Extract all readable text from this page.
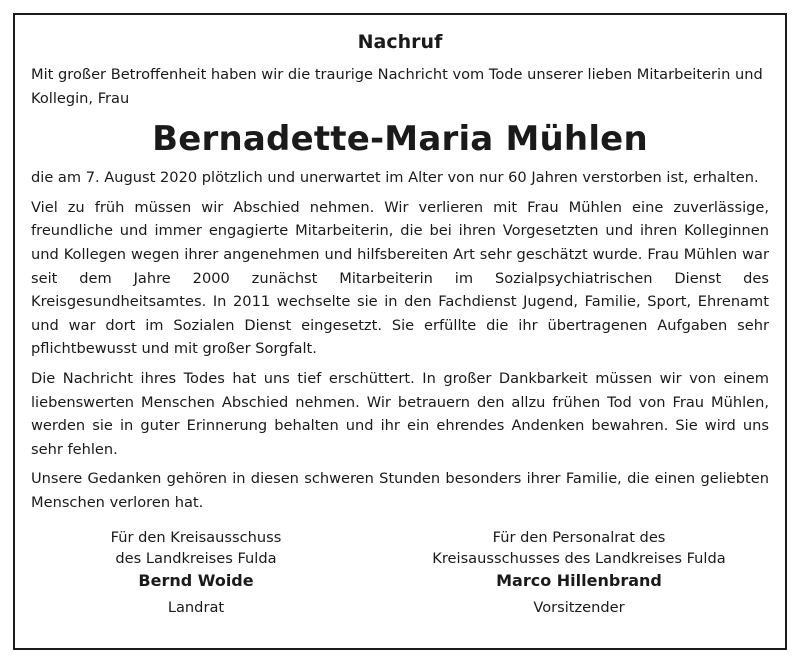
Nachruf
Mit großer Betroffenheit haben wir die traurige Nachricht vom Tode unserer lieben Mitarbeiterin und Kollegin, Frau
Bernadette-Maria Mühlen

die am 7. August 2020 plötzlich und unerwartet im Alter von nur 60 Jahren verstorben ist, erhalten.

Viel zu früh müssen wir Abschied nehmen. Wir verlieren mit Frau Mühlen eine zuverlässige, freundliche und immer engagierte Mitarbeiterin, die bei ihren Vorgesetzten und ihren Kolleginnen und Kollegen wegen ihrer angenehmen und hilfsbereiten Art sehr geschätzt wurde. Frau Mühlen war seit dem Jahre 2000 zunächst Mitarbeiterin im Sozialpsychiatrischen Dienst des Kreisgesundheitsamtes. In 2011 wechselte sie in den Fachdienst Jugend, Familie, Sport, Ehrenamt und war dort im Sozialen Dienst eingesetzt. Sie erfüllte die ihr übertragenen Aufgaben sehr pflichtbewusst und mit großer Sorgfalt.

Die Nachricht ihres Todes hat uns tief erschüttert. In großer Dankbarkeit müssen wir von einem liebenswerten Menschen Abschied nehmen. Wir betrauern den allzu frühen Tod von Frau Mühlen, werden sie in guter Erinnerung behalten und ihr ein ehrendes Andenken bewahren. Sie wird uns sehr fehlen.

Unsere Gedanken gehören in diesen schweren Stunden besonders ihrer Familie, die einen geliebten Menschen verloren hat.

Für den Kreisausschuss
des Landkreises Fulda
Bernd Woide
Landrat
Für den Personalrat des
Kreisausschusses des Landkreises Fulda
Marco Hillenbrand
Vorsitzender
